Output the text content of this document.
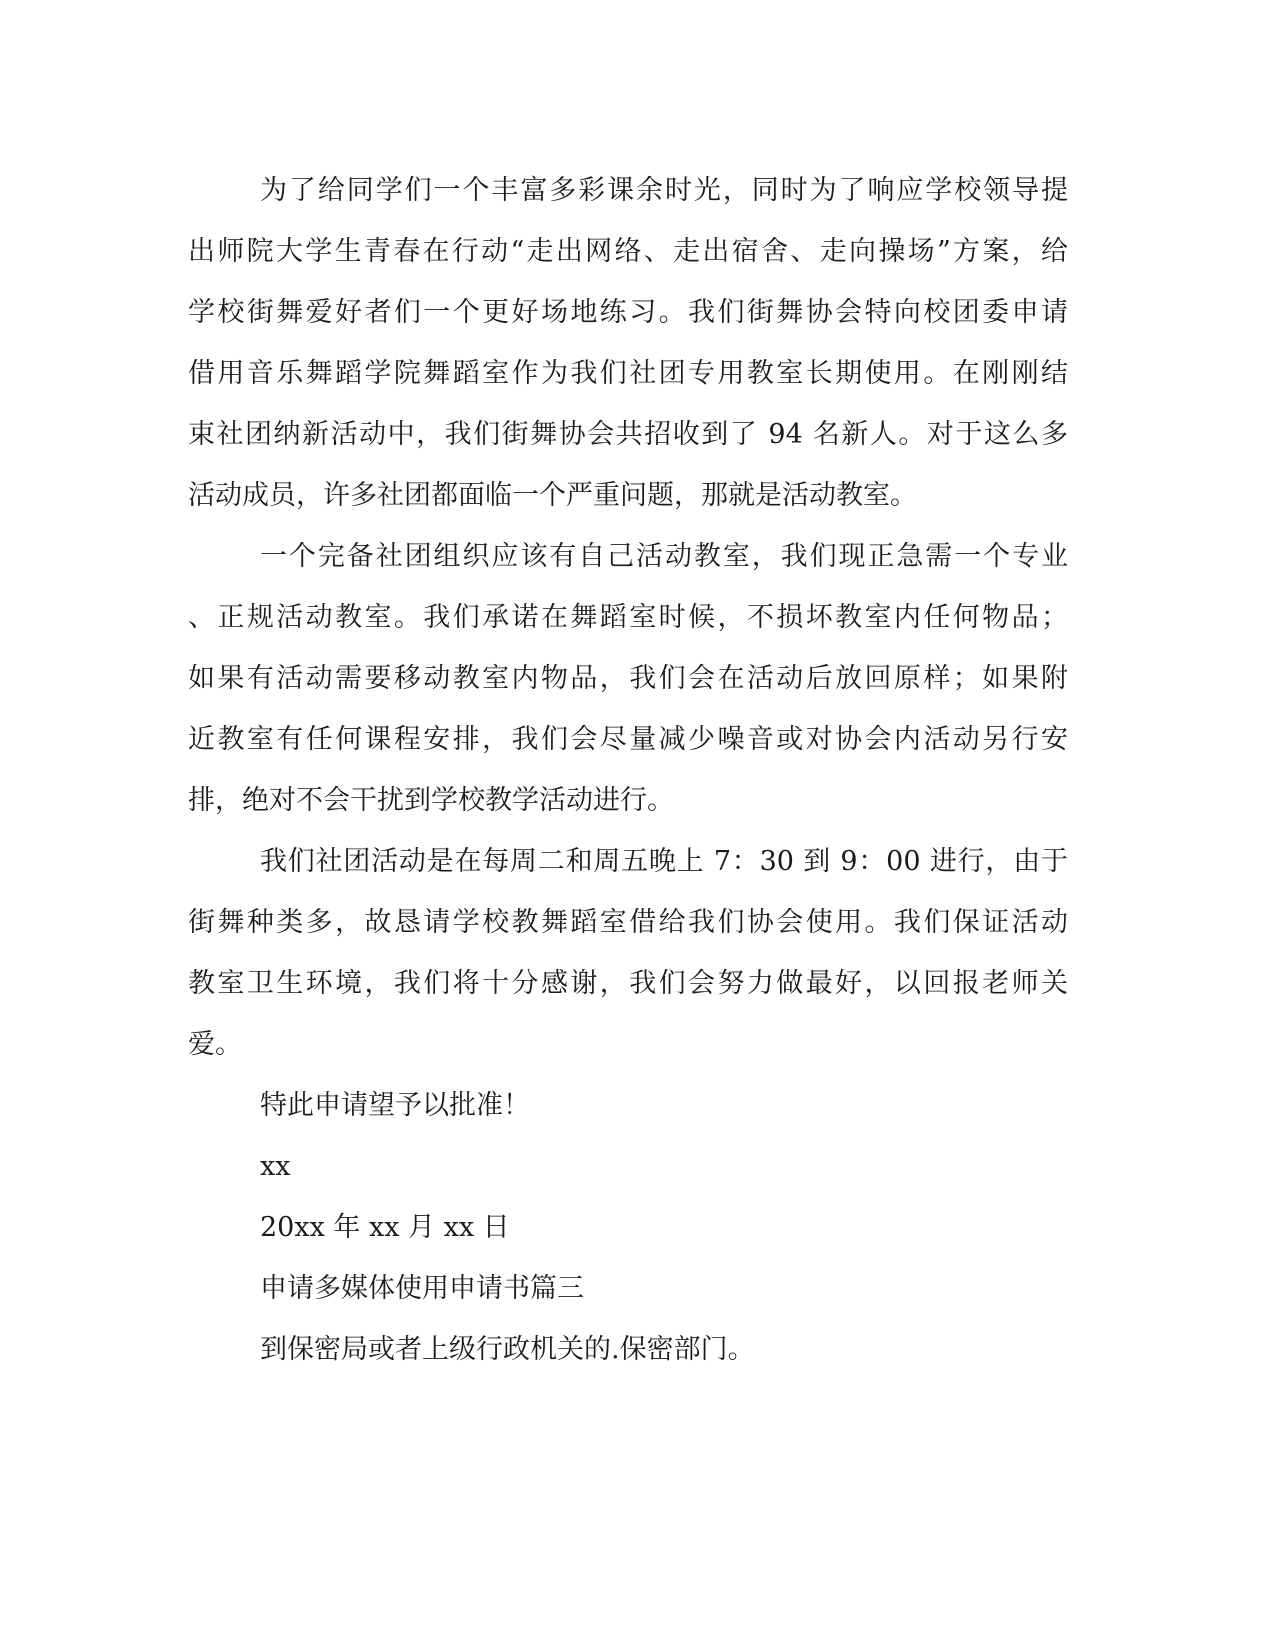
为了给同学们一个丰富多彩课余时光，同时为了响应学校领导提
出师院大学生青春在行动“走出网络、走出宿舍、走向操场”方案，给
学校街舞爱好者们一个更好场地练习。我们街舞协会特向校团委申请
借用音乐舞蹈学院舞蹈室作为我们社团专用教室长期使用。在刚刚结
束社团纳新活动中，我们街舞协会共招收到了 94 名新人。对于这么多
活动成员，许多社团都面临一个严重问题，那就是活动教室。
一个完备社团组织应该有自己活动教室，我们现正急需一个专业
、正规活动教室。我们承诺在舞蹈室时候，不损坏教室内任何物品；
如果有活动需要移动教室内物品，我们会在活动后放回原样；如果附
近教室有任何课程安排，我们会尽量减少噪音或对协会内活动另行安
排，绝对不会干扰到学校教学活动进行。
我们社团活动是在每周二和周五晚上 7：30 到 9：00 进行，由于
街舞种类多，故恳请学校教舞蹈室借给我们协会使用。我们保证活动
教室卫生环境，我们将十分感谢，我们会努力做最好，以回报老师关
爱。
特此申请望予以批准！
xx
20xx 年 xx 月 xx 日
申请多媒体使用申请书篇三
到保密局或者上级行政机关的.保密部门。
